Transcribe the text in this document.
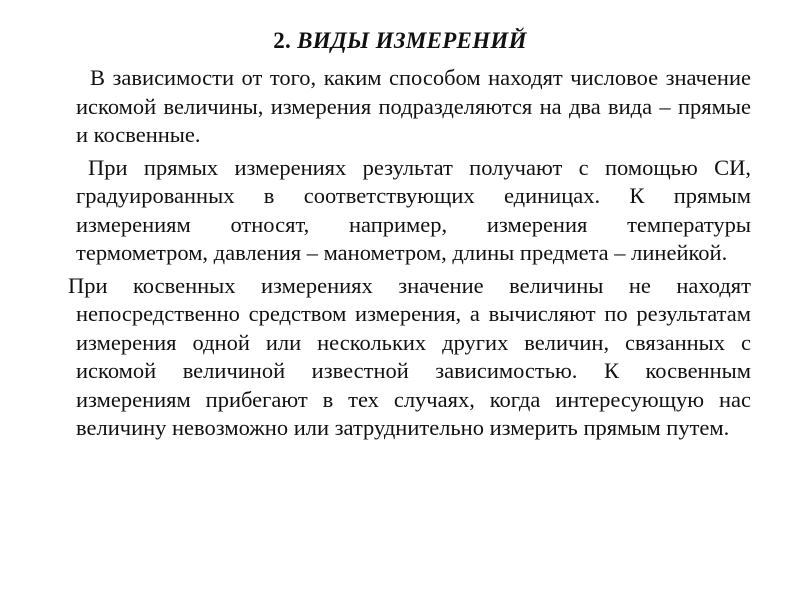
2. ВИДЫ ИЗМЕРЕНИЙ

В зависимости от того, каким способом находят числовое значение искомой величины, измерения подразделяются на два вида – прямые и косвенные.

При прямых измерениях результат получают с помощью СИ, градуированных в соответствующих единицах. К прямым измерениям относят, например, измерения температуры термометром, давления – манометром, длины предмета – линейкой.

При косвенных измерениях значение величины не находят непосредственно средством измерения, а вычисляют по результатам измерения одной или нескольких других величин, связанных с искомой величиной известной зависимостью. К косвенным измерениям прибегают в тех случаях, когда интересующую нас величину невозможно или затруднительно измерить прямым путем.
